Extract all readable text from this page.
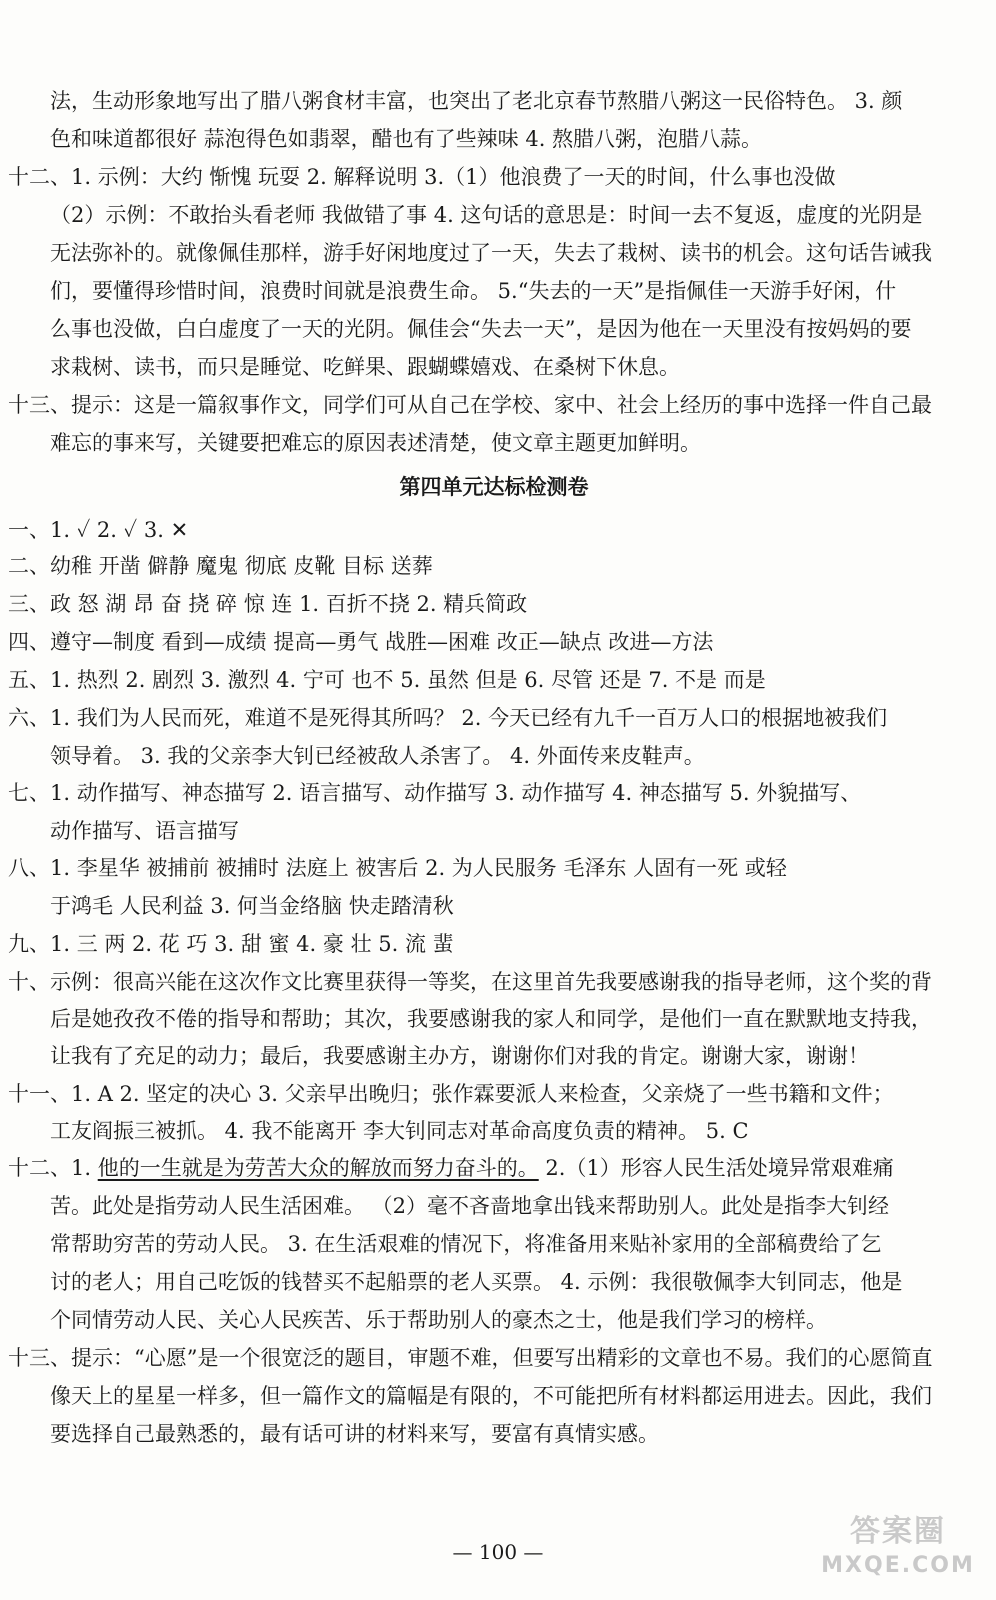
法，生动形象地写出了腊八粥食材丰富，也突出了老北京春节熬腊八粥这一民俗特色。 3. 颜
色和味道都很好 蒜泡得色如翡翠，醋也有了些辣味 4. 熬腊八粥，泡腊八蒜。
十二、1. 示例：大约 惭愧 玩耍 2. 解释说明 3.（1）他浪费了一天的时间，什么事也没做
（2）示例：不敢抬头看老师 我做错了事 4. 这句话的意思是：时间一去不复返，虚度的光阴是
无法弥补的。就像佩佳那样，游手好闲地度过了一天，失去了栽树、读书的机会。这句话告诫我
们，要懂得珍惜时间，浪费时间就是浪费生命。 5.“失去的一天”是指佩佳一天游手好闲，什
么事也没做，白白虚度了一天的光阴。佩佳会“失去一天”，是因为他在一天里没有按妈妈的要
求栽树、读书，而只是睡觉、吃鲜果、跟蝴蝶嬉戏、在桑树下休息。
十三、提示：这是一篇叙事作文，同学们可从自己在学校、家中、社会上经历的事中选择一件自己最
难忘的事来写，关键要把难忘的原因表述清楚，使文章主题更加鲜明。
第四单元达标检测卷
一、1. ✓ 2. ✓ 3. ✕
二、幼稚 开凿 僻静 魔鬼 彻底 皮靴 目标 送葬
三、政 怒 湖 昂 奋 挠 碎 惊 连 1. 百折不挠 2. 精兵简政
四、遵守—制度 看到—成绩 提高—勇气 战胜—困难 改正—缺点 改进—方法
五、1. 热烈 2. 剧烈 3. 激烈 4. 宁可 也不 5. 虽然 但是 6. 尽管 还是 7. 不是 而是
六、1. 我们为人民而死，难道不是死得其所吗？ 2. 今天已经有九千一百万人口的根据地被我们
领导着。 3. 我的父亲李大钊已经被敌人杀害了。 4. 外面传来皮鞋声。
七、1. 动作描写、神态描写 2. 语言描写、动作描写 3. 动作描写 4. 神态描写 5. 外貌描写、
动作描写、语言描写
八、1. 李星华 被捕前 被捕时 法庭上 被害后 2. 为人民服务 毛泽东 人固有一死 或轻
于鸿毛 人民利益 3. 何当金络脑 快走踏清秋
九、1. 三 两 2. 花 巧 3. 甜 蜜 4. 豪 壮 5. 流 蜚
十、示例：很高兴能在这次作文比赛里获得一等奖，在这里首先我要感谢我的指导老师，这个奖的背
后是她孜孜不倦的指导和帮助；其次，我要感谢我的家人和同学，是他们一直在默默地支持我，
让我有了充足的动力；最后，我要感谢主办方，谢谢你们对我的肯定。谢谢大家，谢谢！
十一、1. A 2. 坚定的决心 3. 父亲早出晚归；张作霖要派人来检查，父亲烧了一些书籍和文件；
工友阎振三被抓。 4. 我不能离开 李大钊同志对革命高度负责的精神。 5. C
十二、1. 他的一生就是为劳苦大众的解放而努力奋斗的。 2.（1）形容人民生活处境异常艰难痛
苦。此处是指劳动人民生活困难。 （2）毫不吝啬地拿出钱来帮助别人。此处是指李大钊经
常帮助穷苦的劳动人民。 3. 在生活艰难的情况下，将准备用来贴补家用的全部稿费给了乞
讨的老人；用自己吃饭的钱替买不起船票的老人买票。 4. 示例：我很敬佩李大钊同志，他是
个同情劳动人民、关心人民疾苦、乐于帮助别人的豪杰之士，他是我们学习的榜样。
十三、提示：“心愿”是一个很宽泛的题目，审题不难，但要写出精彩的文章也不易。我们的心愿简直
像天上的星星一样多，但一篇作文的篇幅是有限的，不可能把所有材料都运用进去。因此，我们
要选择自己最熟悉的，最有话可讲的材料来写，要富有真情实感。
— 100 —
答案圈
MXQE.COM
